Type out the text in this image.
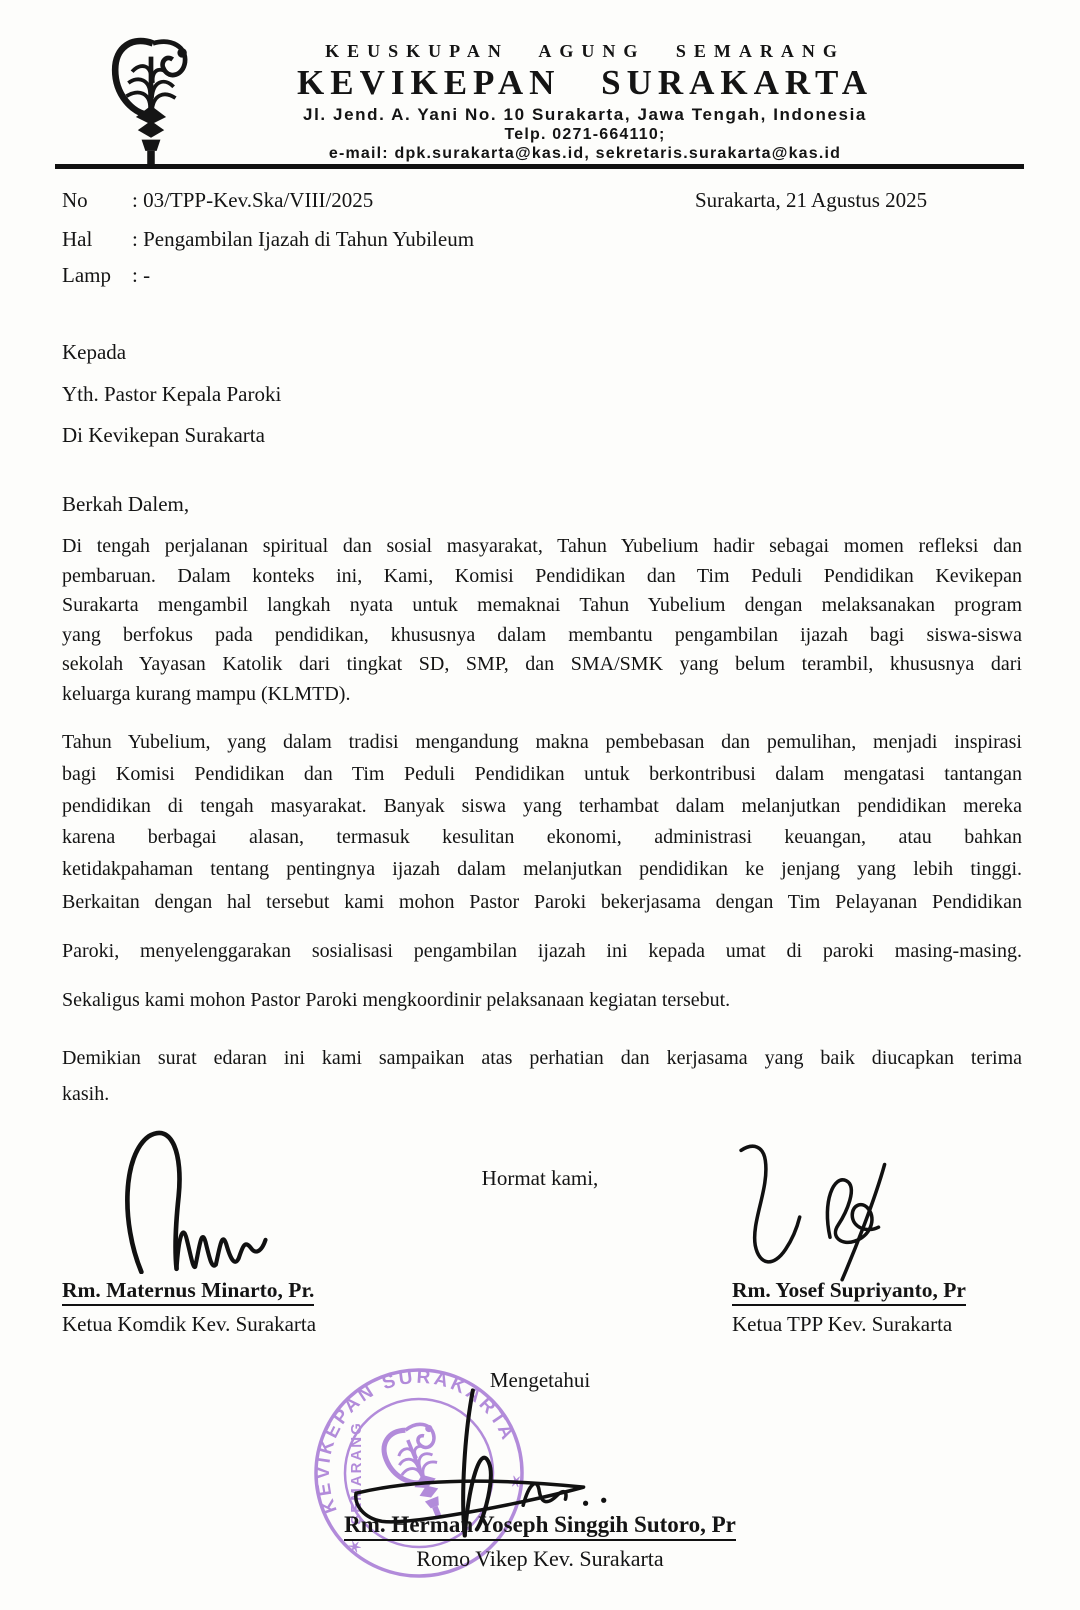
KEUSKUPAN AGUNG SEMARANG
KEVIKEPAN SURAKARTA
Jl. Jend. A. Yani No. 10 Surakarta, Jawa Tengah, Indonesia
Telp. 0271-664110;
e-mail: dpk.surakarta@kas.id, sekretaris.surakarta@kas.id
No	: 03/TPP-Kev.Ska/VIII/2025	Surakarta, 21 Agustus 2025
Hal	: Pengambilan Ijazah di Tahun Yubileum
Lamp	: -
Kepada
Yth. Pastor Kepala Paroki
Di Kevikepan Surakarta
Berkah Dalem,
Di tengah perjalanan spiritual dan sosial masyarakat, Tahun Yubelium hadir sebagai momen refleksi dan
pembaruan. Dalam konteks ini, Kami, Komisi Pendidikan dan Tim Peduli Pendidikan Kevikepan
Surakarta mengambil langkah nyata untuk memaknai Tahun Yubelium dengan melaksanakan program
yang berfokus pada pendidikan, khususnya dalam membantu pengambilan ijazah bagi siswa-siswa
sekolah Yayasan Katolik dari tingkat SD, SMP, dan SMA/SMK yang belum terambil, khususnya dari
keluarga kurang mampu (KLMTD).
Tahun Yubelium, yang dalam tradisi mengandung makna pembebasan dan pemulihan, menjadi inspirasi
bagi Komisi Pendidikan dan Tim Peduli Pendidikan untuk berkontribusi dalam mengatasi tantangan
pendidikan di tengah masyarakat. Banyak siswa yang terhambat dalam melanjutkan pendidikan mereka
karena berbagai alasan, termasuk kesulitan ekonomi, administrasi keuangan, atau bahkan
ketidakpahaman tentang pentingnya ijazah dalam melanjutkan pendidikan ke jenjang yang lebih tinggi.
Berkaitan dengan hal tersebut kami mohon Pastor Paroki bekerjasama dengan Tim Pelayanan Pendidikan
Paroki, menyelenggarakan sosialisasi pengambilan ijazah ini kepada umat di paroki masing-masing.
Sekaligus kami mohon Pastor Paroki mengkoordinir pelaksanaan kegiatan tersebut.
Demikian surat edaran ini kami sampaikan atas perhatian dan kerjasama yang baik diucapkan terima
kasih.
Hormat kami,
Rm. Maternus Minarto, Pr.
Ketua Komdik Kev. Surakarta
Rm. Yosef Supriyanto, Pr
Ketua TPP Kev. Surakarta
Mengetahui
KEVIKEPAN SURAKARTA
✶
✶
SEMARANG
Rm. Herman Yoseph Singgih Sutoro, Pr
Romo Vikep Kev. Surakarta
